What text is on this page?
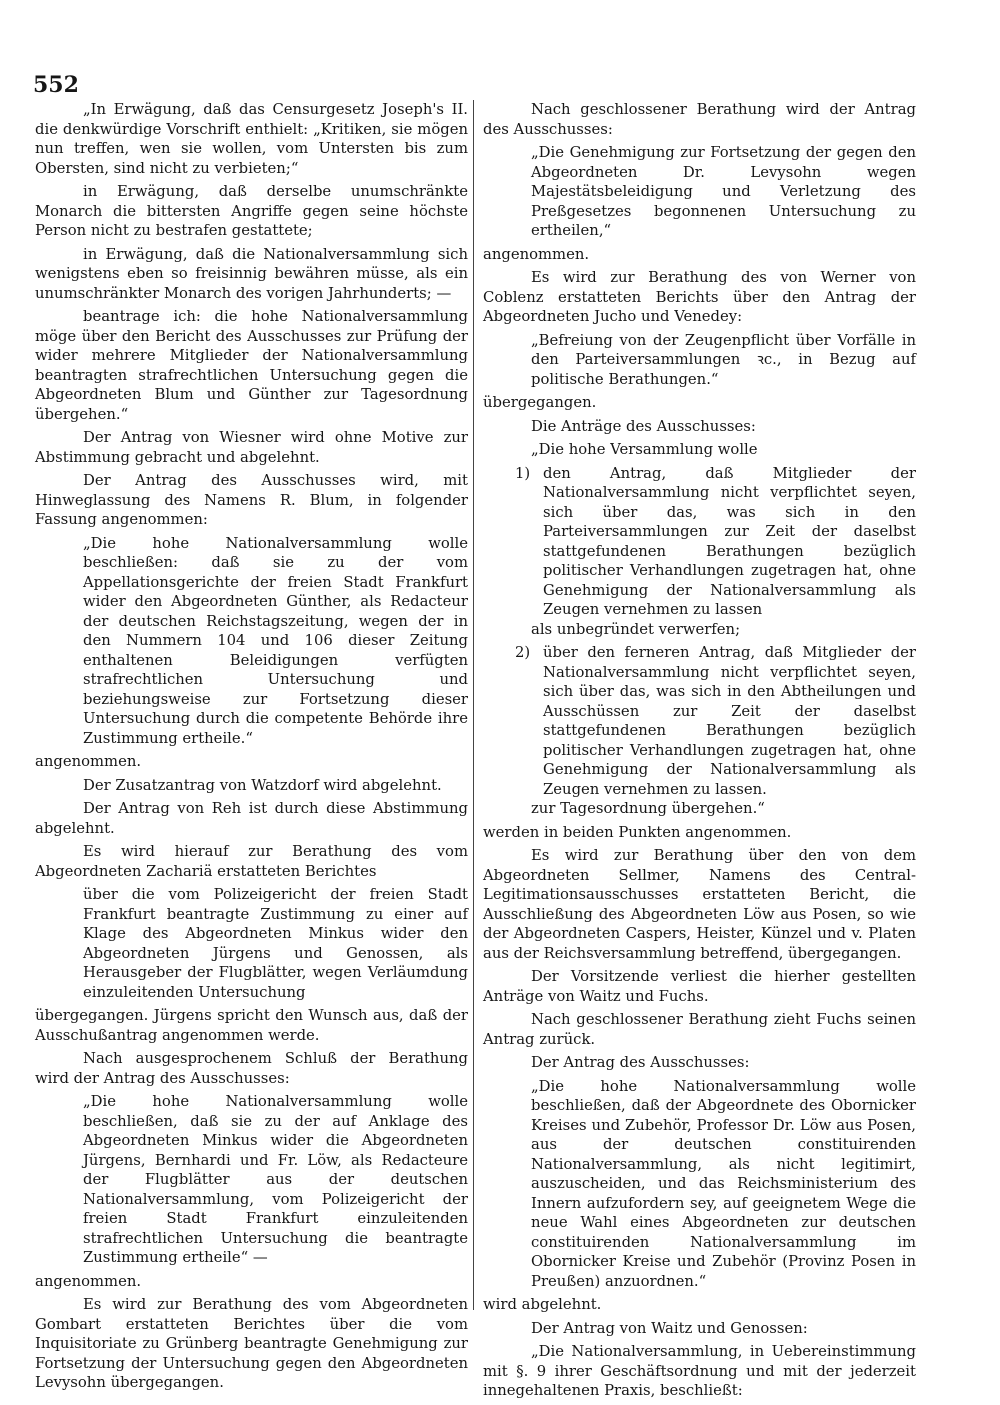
552

„In Erwägung, daß das Censurgesetz Joseph's II. die denkwürdige Vorschrift enthielt: „Kritiken, sie mögen nun treffen, wen sie wollen, vom Untersten bis zum Obersten, sind nicht zu verbieten;“

in Erwägung, daß derselbe unumschränkte Monarch die bittersten Angriffe gegen seine höchste Person nicht zu bestrafen gestattete;

in Erwägung, daß die Nationalversammlung sich wenigstens eben so freisinnig bewähren müsse, als ein unumschränkter Monarch des vorigen Jahrhunderts; —

beantrage ich: die hohe Nationalversammlung möge über den Bericht des Ausschusses zur Prüfung der wider mehrere Mitglieder der Nationalversammlung beantragten strafrechtlichen Untersuchung gegen die Abgeordneten Blum und Günther zur Tagesordnung übergehen.“

Der Antrag von Wiesner wird ohne Motive zur Abstimmung gebracht und abgelehnt.

Der Antrag des Ausschusses wird, mit Hinweglassung des Namens R. Blum, in folgender Fassung angenommen:

„Die hohe Nationalversammlung wolle beschließen: daß sie zu der vom Appellationsgerichte der freien Stadt Frankfurt wider den Abgeordneten Günther, als Redacteur der deutschen Reichstagszeitung, wegen der in den Nummern 104 und 106 dieser Zeitung enthaltenen Beleidigungen verfügten strafrechtlichen Untersuchung und beziehungsweise zur Fortsetzung dieser Untersuchung durch die competente Behörde ihre Zustimmung ertheile.“

angenommen.

Der Zusatzantrag von Watzdorf wird abgelehnt.

Der Antrag von Reh ist durch diese Abstimmung abgelehnt.

Es wird hierauf zur Berathung des vom Abgeordneten Zachariä erstatteten Berichtes

über die vom Polizeigericht der freien Stadt Frankfurt beantragte Zustimmung zu einer auf Klage des Abgeordneten Minkus wider den Abgeordneten Jürgens und Genossen, als Herausgeber der Flugblätter, wegen Verläumdung einzuleitenden Untersuchung

übergegangen. Jürgens spricht den Wunsch aus, daß der Ausschußantrag angenommen werde.

Nach ausgesprochenem Schluß der Berathung wird der Antrag des Ausschusses:

„Die hohe Nationalversammlung wolle beschließen, daß sie zu der auf Anklage des Abgeordneten Minkus wider die Abgeordneten Jürgens, Bernhardi und Fr. Löw, als Redacteure der Flugblätter aus der deutschen Nationalversammlung, vom Polizeigericht der freien Stadt Frankfurt einzuleitenden strafrechtlichen Untersuchung die beantragte Zustimmung ertheile“ —

angenommen.

Es wird zur Berathung des vom Abgeordneten Gombart erstatteten Berichtes über die vom Inquisitoriate zu Grünberg beantragte Genehmigung zur Fortsetzung der Untersuchung gegen den Abgeordneten Levysohn übergegangen.

Nach geschlossener Berathung wird der Antrag des Ausschusses:

„Die Genehmigung zur Fortsetzung der gegen den Abgeordneten Dr. Levysohn wegen Majestätsbeleidigung und Verletzung des Preßgesetzes begonnenen Untersuchung zu ertheilen,“

angenommen.

Es wird zur Berathung des von Werner von Coblenz erstatteten Berichts über den Antrag der Abgeordneten Jucho und Venedey:

„Befreiung von der Zeugenpflicht über Vorfälle in den Parteiversammlungen ꝛc., in Bezug auf politische Berathungen.“

übergegangen.

Die Anträge des Ausschusses:

„Die hohe Versammlung wolle

1) den Antrag, daß Mitglieder der Nationalversammlung nicht verpflichtet seyen, sich über das, was sich in den Parteiversammlungen zur Zeit der daselbst stattgefundenen Berathungen bezüglich politischer Verhandlungen zugetragen hat, ohne Genehmigung der Nationalversammlung als Zeugen vernehmen zu lassen

als unbegründet verwerfen;

2) über den ferneren Antrag, daß Mitglieder der Nationalversammlung nicht verpflichtet seyen, sich über das, was sich in den Abtheilungen und Ausschüssen zur Zeit der daselbst stattgefundenen Berathungen bezüglich politischer Verhandlungen zugetragen hat, ohne Genehmigung der Nationalversammlung als Zeugen vernehmen zu lassen.

zur Tagesordnung übergehen.“

werden in beiden Punkten angenommen.

Es wird zur Berathung über den von dem Abgeordneten Sellmer, Namens des Central-Legitimationsausschusses erstatteten Bericht, die Ausschließung des Abgeordneten Löw aus Posen, so wie der Abgeordneten Caspers, Heister, Künzel und v. Platen aus der Reichsversammlung betreffend, übergegangen.

Der Vorsitzende verliest die hierher gestellten Anträge von Waitz und Fuchs.

Nach geschlossener Berathung zieht Fuchs seinen Antrag zurück.

Der Antrag des Ausschusses:

„Die hohe Nationalversammlung wolle beschließen, daß der Abgeordnete des Obornicker Kreises und Zubehör, Professor Dr. Löw aus Posen, aus der deutschen constituirenden Nationalversammlung, als nicht legitimirt, auszuscheiden, und das Reichsministerium des Innern aufzufordern sey, auf geeignetem Wege die neue Wahl eines Abgeordneten zur deutschen constituirenden Nationalversammlung im Obornicker Kreise und Zubehör (Provinz Posen in Preußen) anzuordnen.“

wird abgelehnt.

Der Antrag von Waitz und Genossen:

„Die Nationalversammlung, in Uebereinstimmung mit §. 9 ihrer Geschäftsordnung und mit der jederzeit innegehaltenen Praxis, beschließt:
